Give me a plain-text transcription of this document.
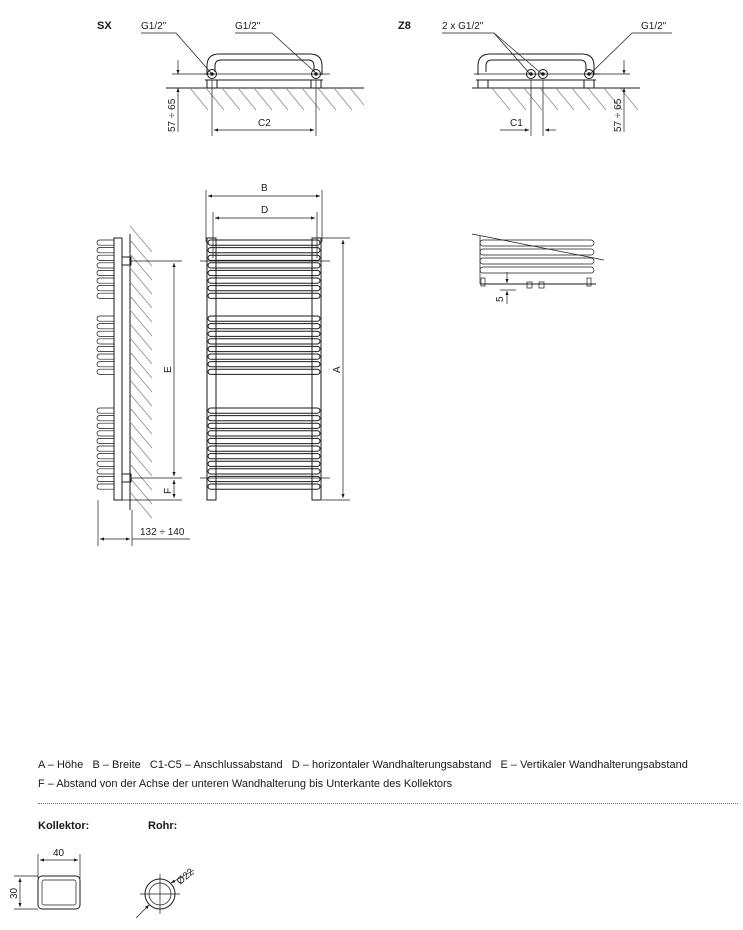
SX	G1/2"	G1/2"
57 ÷ 65	C2
Z8	2 x G1/2"	G1/2"
57 ÷ 65
C1
E
F
132 ÷ 140
B
D
A
5
40
30
Ø22
A – Höhe B – Breite C1-C5 – Anschlussabstand D – horizontaler Wandhalterungsabstand E – Vertikaler Wandhalterungsabstand
F – Abstand von der Achse der unteren Wandhalterung bis Unterkante des Kollektors
Kollektor:	Rohr:
